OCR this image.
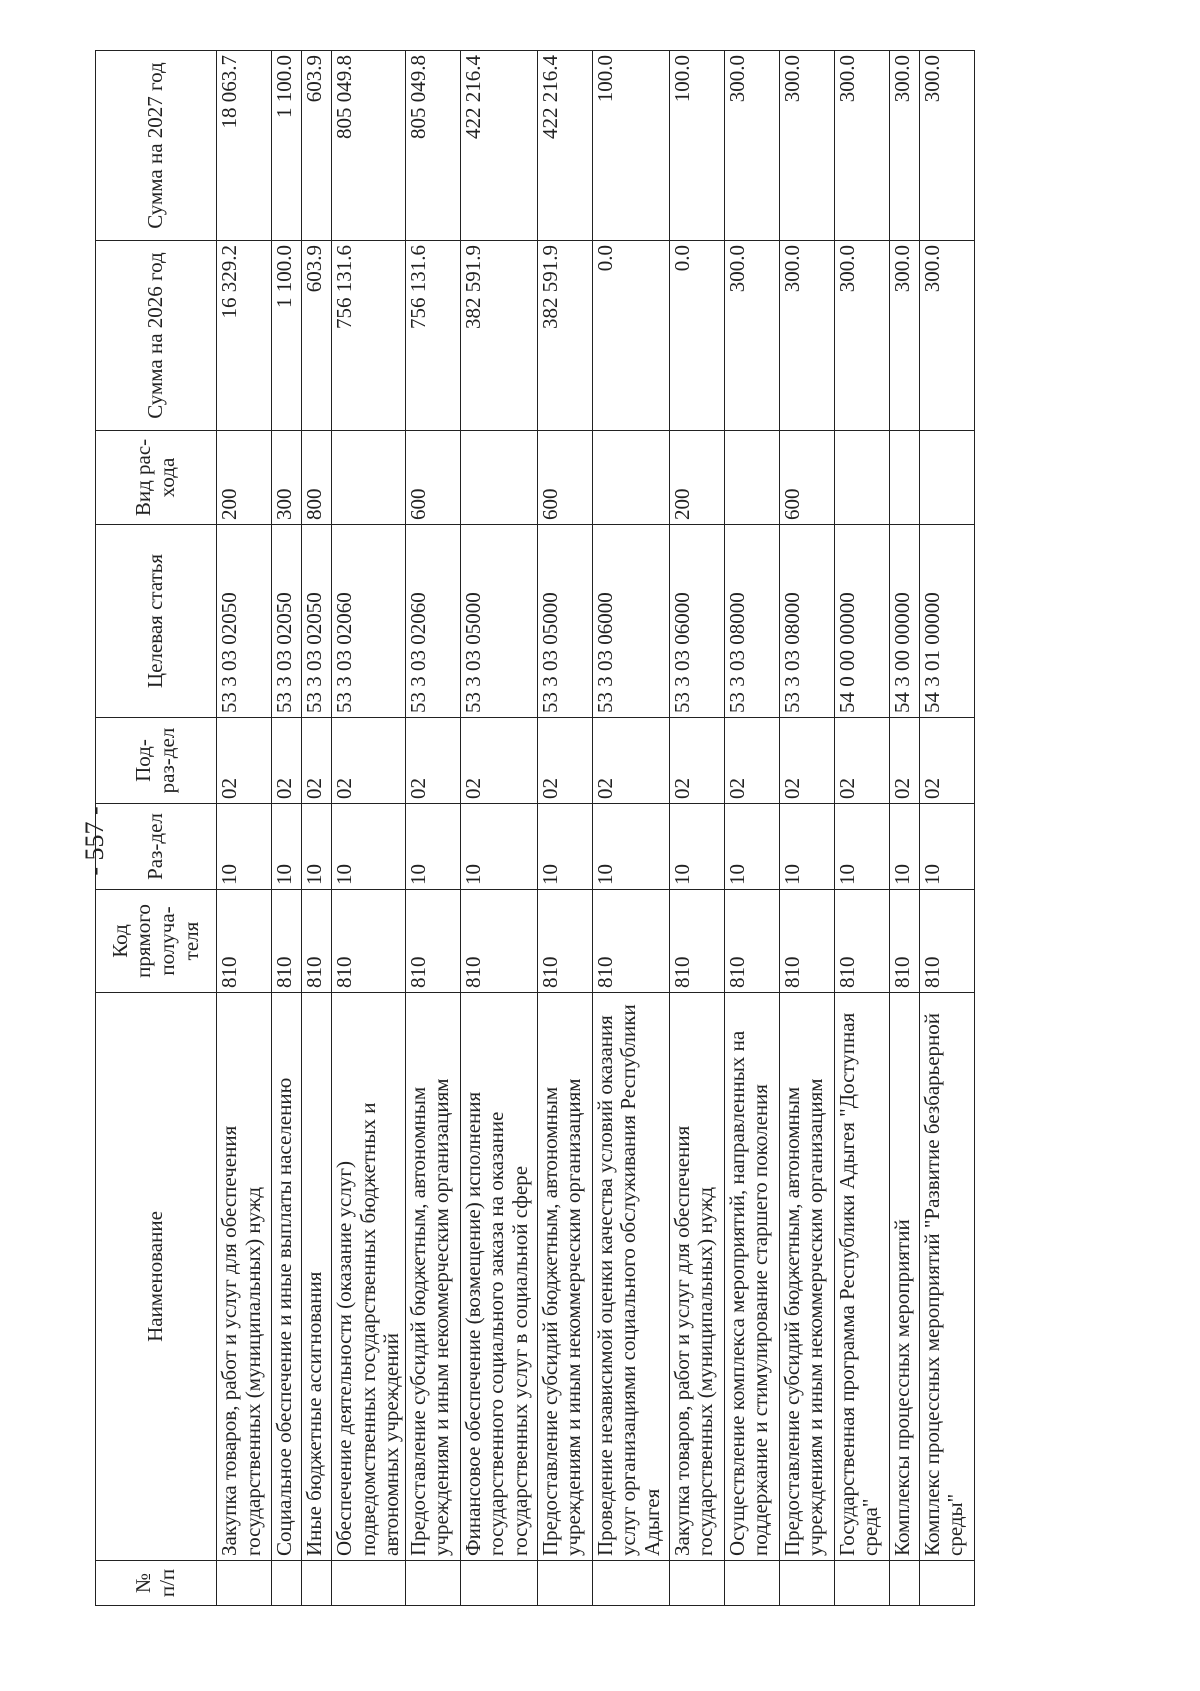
- 557 -
№ п/п	Наименование	Код прямого получа-теля	Раз-дел	Под-раз-дел	Целевая статья	Вид рас-хода	Сумма на 2026 год	Сумма на 2027 год
	Закупка товаров, работ и услуг для обеспечения государственных (муниципальных) нужд	810	10	02	53 3 03 02050	200	16 329.2	18 063.7
	Социальное обеспечение и иные выплаты населению	810	10	02	53 3 03 02050	300	1 100.0	1 100.0
	Иные бюджетные ассигнования	810	10	02	53 3 03 02050	800	603.9	603.9
	Обеспечение деятельности (оказание услуг) подведомственных государственных бюджетных и автономных учреждений	810	10	02	53 3 03 02060		756 131.6	805 049.8
	Предоставление субсидий бюджетным, автономным учреждениям и иным некоммерческим организациям	810	10	02	53 3 03 02060	600	756 131.6	805 049.8
	Финансовое обеспечение (возмещение) исполнения государственного социального заказа на оказание государственных услуг в социальной сфере	810	10	02	53 3 03 05000		382 591.9	422 216.4
	Предоставление субсидий бюджетным, автономным учреждениям и иным некоммерческим организациям	810	10	02	53 3 03 05000	600	382 591.9	422 216.4
	Проведение независимой оценки качества условий оказания услуг организациями социального обслуживания Республики Адыгея	810	10	02	53 3 03 06000		0.0	100.0
	Закупка товаров, работ и услуг для обеспечения государственных (муниципальных) нужд	810	10	02	53 3 03 06000	200	0.0	100.0
	Осуществление комплекса мероприятий, направленных на поддержание и стимулирование старшего поколения	810	10	02	53 3 03 08000		300.0	300.0
	Предоставление субсидий бюджетным, автономным учреждениям и иным некоммерческим организациям	810	10	02	53 3 03 08000	600	300.0	300.0
	Государственная программа Республики Адыгея "Доступная среда"	810	10	02	54 0 00 00000		300.0	300.0
	Комплексы процессных мероприятий	810	10	02	54 3 00 00000		300.0	300.0
	Комплекс процессных мероприятий "Развитие безбарьерной среды"	810	10	02	54 3 01 00000		300.0	300.0
